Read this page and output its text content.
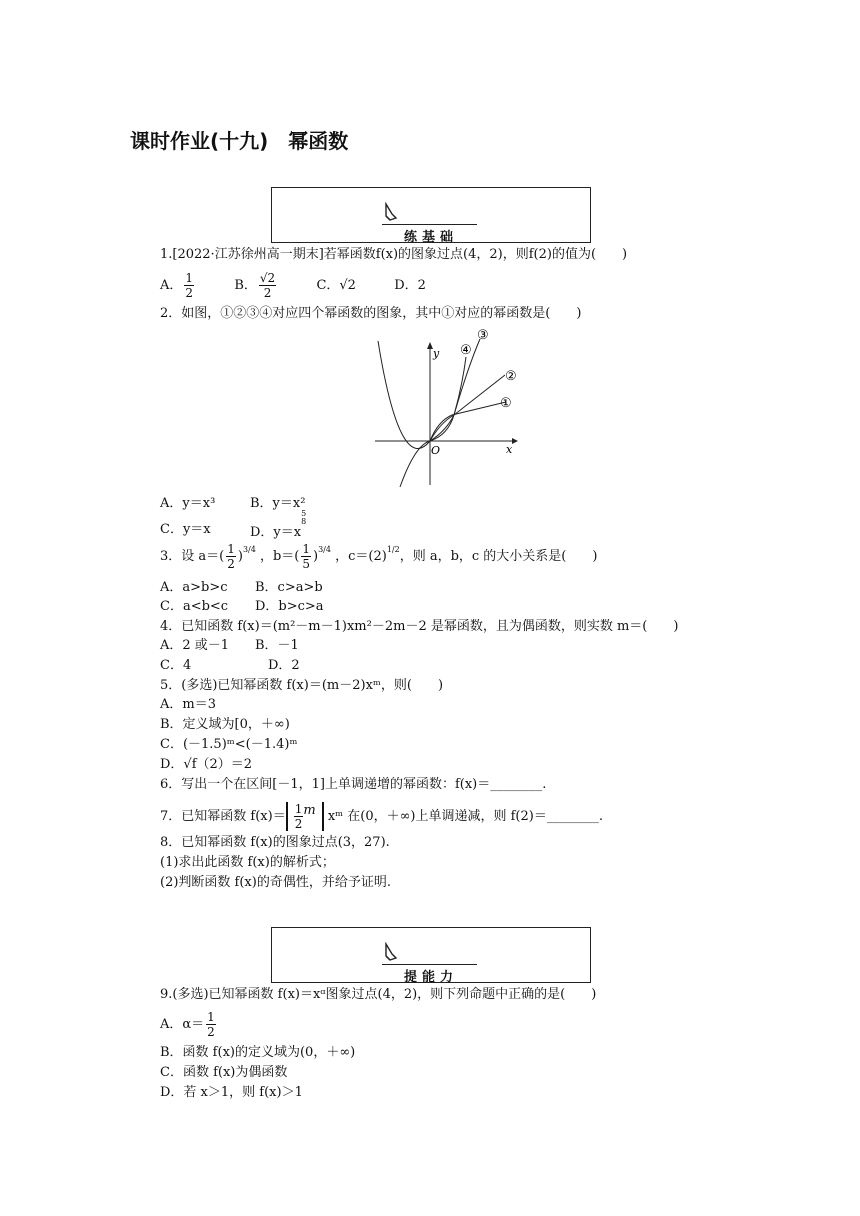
课时作业(十九)　幂函数
练基础
1.[2022·江苏徐州高一期末]若幂函数f(x)的图象过点(4，2)，则f(2)的值为(　　)
A． $\frac{1}{2}$	B． $\frac{√2}{2}$	C．√2	D．2
2．如图，①②③④对应四个幂函数的图象，其中①对应的幂函数是(　　)
y
x
O
①
②
③
④
A．y＝x³	B．y＝x²
C．y＝x	D．y＝x
5
8
3．设 $a=( \frac{1}{2} )^{3/4}$ ，$b=( \frac{1}{5} )^{3/4}$ ，$c=(2)^{1/2}$，则 a，b，c 的大小关系是(　　)
A．a>b>c B．c>a>b
C．a<b<c D．b>c>a
4．已知函数 f(x)＝(m²－m－1)xm²－2m－2 是幂函数，且为偶函数，则实数 m＝(　　)
A．2 或－1 B．－1
C．4	D．2
5．(多选)已知幂函数 f(x)＝(m－2)xᵐ，则(　　)
A．m＝3
B．定义域为[0，＋∞)
C．(－1.5)ᵐ<(－1.4)ᵐ
D．√f（2）＝2
6．写出一个在区间[－1，1]上单调递增的幂函数：f(x)＝________.
7．已知幂函数 $f(x)= \frac{1}{2}$ m xᵐ 在(0，＋∞)上单调递减，则 f(2)＝________.
8．已知幂函数 f(x)的图象过点(3，27).
(1)求出此函数 f(x)的解析式；
(2)判断函数 f(x)的奇偶性，并给予证明.
提能力
9.(多选)已知幂函数 f(x)＝xᵅ图象过点(4，2)，则下列命题中正确的是(　　)
A．$\alpha= \frac{1}{2}$
B．函数 f(x)的定义域为(0，＋∞)
C．函数 f(x)为偶函数
D．若 x＞1，则 f(x)＞1
